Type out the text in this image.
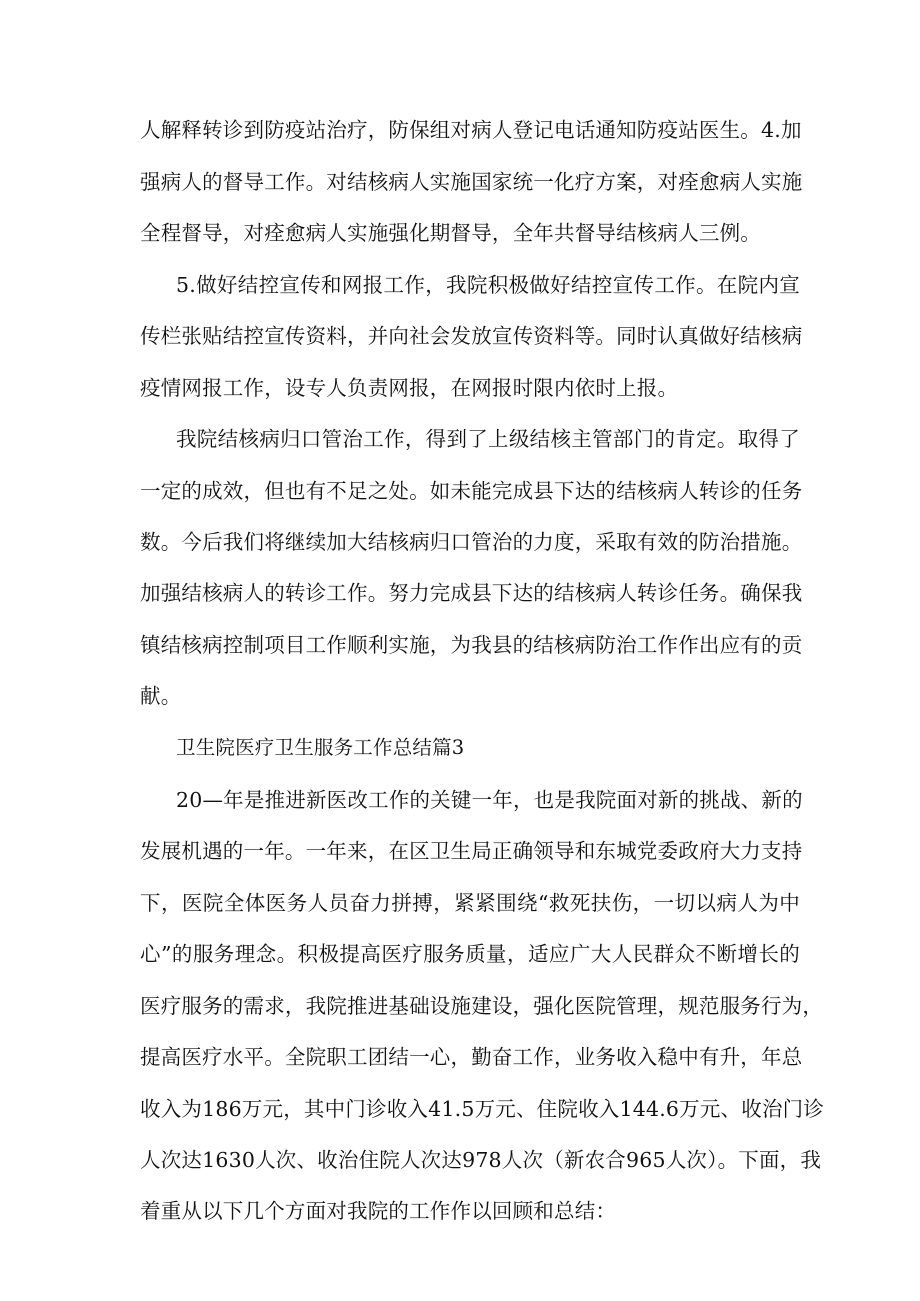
人解释转诊到防疫站治疗，防保组对病人登记电话通知防疫站医生。4.加
强病人的督导工作。对结核病人实施国家统一化疗方案，对痊愈病人实施
全程督导，对痊愈病人实施强化期督导，全年共督导结核病人三例。
5.做好结控宣传和网报工作，我院积极做好结控宣传工作。在院内宣
传栏张贴结控宣传资料，并向社会发放宣传资料等。同时认真做好结核病
疫情网报工作，设专人负责网报，在网报时限内依时上报。
我院结核病归口管治工作，得到了上级结核主管部门的肯定。取得了
一定的成效，但也有不足之处。如未能完成县下达的结核病人转诊的任务
数。今后我们将继续加大结核病归口管治的力度，采取有效的防治措施。
加强结核病人的转诊工作。努力完成县下达的结核病人转诊任务。确保我
镇结核病控制项目工作顺利实施，为我县的结核病防治工作作出应有的贡
献。
卫生院医疗卫生服务工作总结篇3
20—年是推进新医改工作的关键一年，也是我院面对新的挑战、新的
发展机遇的一年。一年来，在区卫生局正确领导和东城党委政府大力支持
下，医院全体医务人员奋力拼搏，紧紧围绕“救死扶伤，一切以病人为中
心”的服务理念。积极提高医疗服务质量，适应广大人民群众不断增长的
医疗服务的需求，我院推进基础设施建设，强化医院管理，规范服务行为，
提高医疗水平。全院职工团结一心，勤奋工作，业务收入稳中有升，年总
收入为186万元，其中门诊收入41.5万元、住院收入144.6万元、收治门诊
人次达1630人次、收治住院人次达978人次（新农合965人次）。下面，我
着重从以下几个方面对我院的工作作以回顾和总结：
